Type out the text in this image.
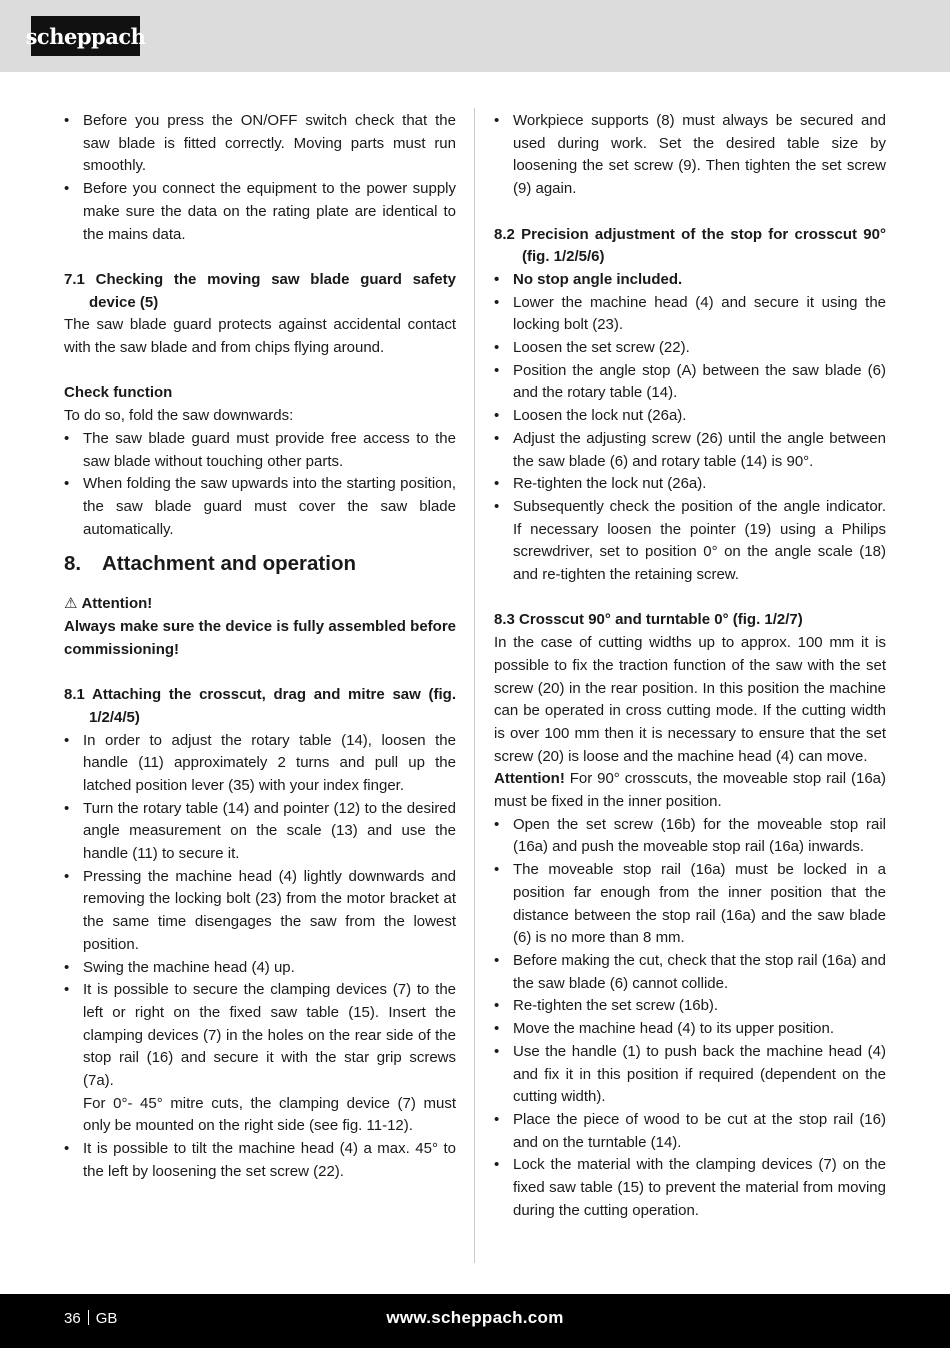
scheppach
• Before you press the ON/OFF switch check that the saw blade is fitted correctly. Moving parts must run smoothly.
• Before you connect the equipment to the power supply make sure the data on the rating plate are identical to the mains data.
7.1 Checking the moving saw blade guard safety device (5)

The saw blade guard protects against accidental contact with the saw blade and from chips flying around.

Check function

To do so, fold the saw downwards:

• The saw blade guard must provide free access to the saw blade without touching other parts.
• When folding the saw upwards into the starting position, the saw blade guard must cover the saw blade automatically.
8.	Attachment and operation

⚠ Attention!

Always make sure the device is fully assembled before commissioning!

8.1 Attaching the crosscut, drag and mitre saw (fig. 1/2/4/5)
• In order to adjust the rotary table (14), loosen the handle (11) approximately 2 turns and pull up the latched position lever (35) with your index finger.
• Turn the rotary table (14) and pointer (12) to the desired angle measurement on the scale (13) and use the handle (11) to secure it.
• Pressing the machine head (4) lightly downwards and removing the locking bolt (23) from the motor bracket at the same time disengages the saw from the lowest position.
• Swing the machine head (4) up.
• It is possible to secure the clamping devices (7) to the left or right on the fixed saw table (15). Insert the clamping devices (7) in the holes on the rear side of the stop rail (16) and secure it with the star grip screws (7a).
For 0°- 45° mitre cuts, the clamping device (7) must only be mounted on the right side (see fig. 11-12).
• It is possible to tilt the machine head (4) a max. 45° to the left by loosening the set screw (22).
• Workpiece supports (8) must always be secured and used during work. Set the desired table size by loosening the set screw (9). Then tighten the set screw (9) again.
8.2 Precision adjustment of the stop for crosscut 90° (fig. 1/2/5/6)
• No stop angle included.
• Lower the machine head (4) and secure it using the locking bolt (23).
• Loosen the set screw (22).
• Position the angle stop (A) between the saw blade (6) and the rotary table (14).
• Loosen the lock nut (26a).
• Adjust the adjusting screw (26) until the angle between the saw blade (6) and rotary table (14) is 90°.
• Re-tighten the lock nut (26a).
• Subsequently check the position of the angle indicator. If necessary loosen the pointer (19) using a Philips screwdriver, set to position 0° on the angle scale (18) and re-tighten the retaining screw.
8.3 Crosscut 90° and turntable 0° (fig. 1/2/7)

In the case of cutting widths up to approx. 100 mm it is possible to fix the traction function of the saw with the set screw (20) in the rear position. In this position the machine can be operated in cross cutting mode. If the cutting width is over 100 mm then it is necessary to ensure that the set screw (20) is loose and the machine head (4) can move.

Attention! For 90° crosscuts, the moveable stop rail (16a) must be fixed in the inner position.

• Open the set screw (16b) for the moveable stop rail (16a) and push the moveable stop rail (16a) inwards.
• The moveable stop rail (16a) must be locked in a position far enough from the inner position that the distance between the stop rail (16a) and the saw blade (6) is no more than 8 mm.
• Before making the cut, check that the stop rail (16a) and the saw blade (6) cannot collide.
• Re-tighten the set screw (16b).
• Move the machine head (4) to its upper position.
• Use the handle (1) to push back the machine head (4) and fix it in this position if required (dependent on the cutting width).
• Place the piece of wood to be cut at the stop rail (16) and on the turntable (14).
• Lock the material with the clamping devices (7) on the fixed saw table (15) to prevent the material from moving during the cutting operation.
36 GB	www.scheppach.com
